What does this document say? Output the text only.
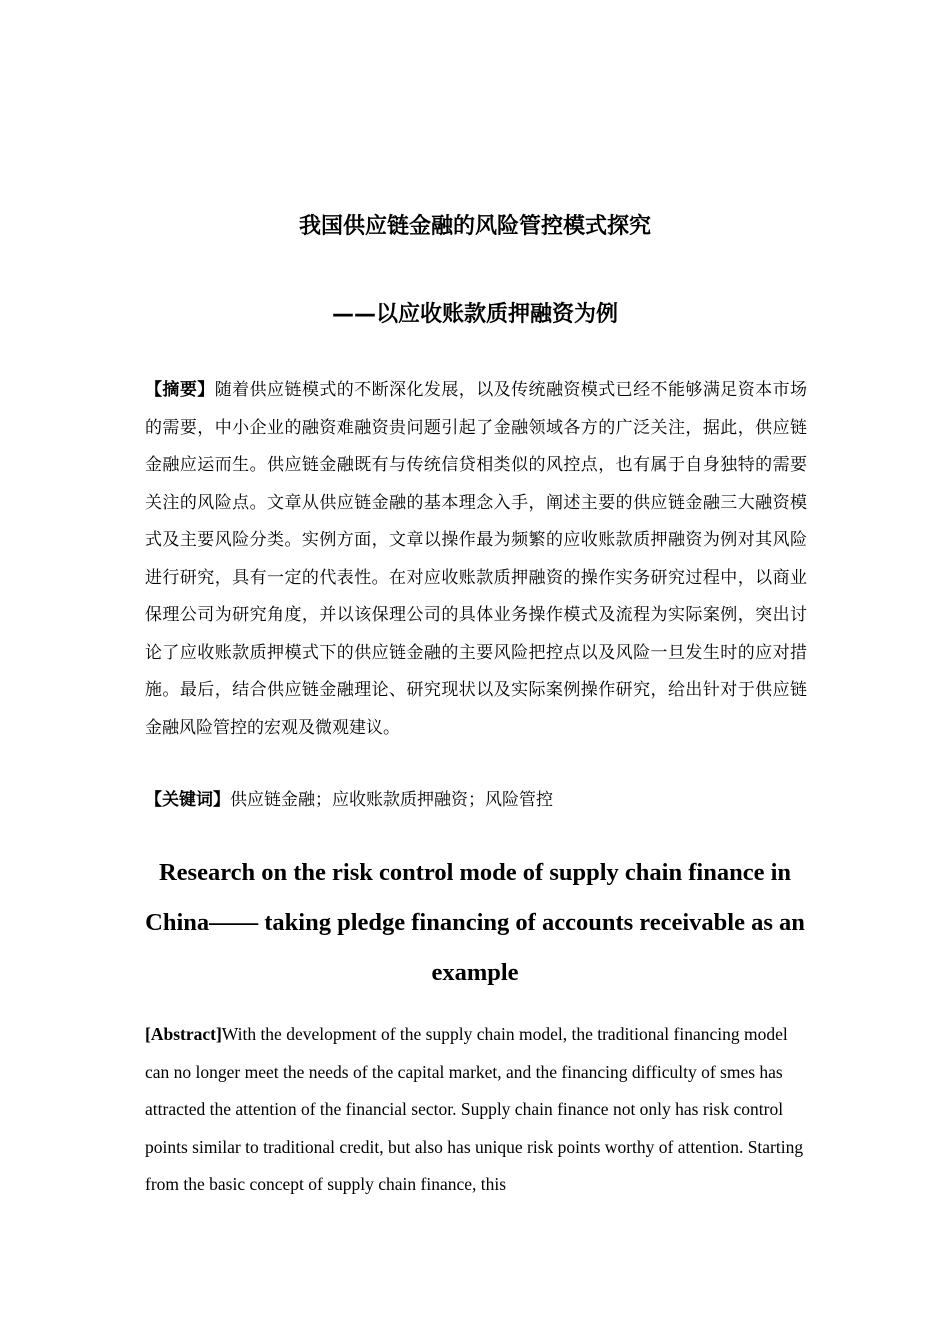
我国供应链金融的风险管控模式探究
——以应收账款质押融资为例

【摘要】随着供应链模式的不断深化发展，以及传统融资模式已经不能够满足资本市场的需要，中小企业的融资难融资贵问题引起了金融领域各方的广泛关注，据此，供应链金融应运而生。供应链金融既有与传统信贷相类似的风控点，也有属于自身独特的需要关注的风险点。文章从供应链金融的基本理念入手，阐述主要的供应链金融三大融资模式及主要风险分类。实例方面，文章以操作最为频繁的应收账款质押融资为例对其风险进行研究，具有一定的代表性。在对应收账款质押融资的操作实务研究过程中，以商业保理公司为研究角度，并以该保理公司的具体业务操作模式及流程为实际案例，突出讨论了应收账款质押模式下的供应链金融的主要风险把控点以及风险一旦发生时的应对措施。最后，结合供应链金融理论、研究现状以及实际案例操作研究，给出针对于供应链金融风险管控的宏观及微观建议。

【关键词】供应链金融；应收账款质押融资；风险管控

Research on the risk control mode of supply chain finance in China—— taking pledge financing of accounts receivable as an example

[Abstract]With the development of the supply chain model, the traditional financing model can no longer meet the needs of the capital market, and the financing difficulty of smes has attracted the attention of the financial sector. Supply chain finance not only has risk control points similar to traditional credit, but also has unique risk points worthy of attention. Starting from the basic concept of supply chain finance, this
